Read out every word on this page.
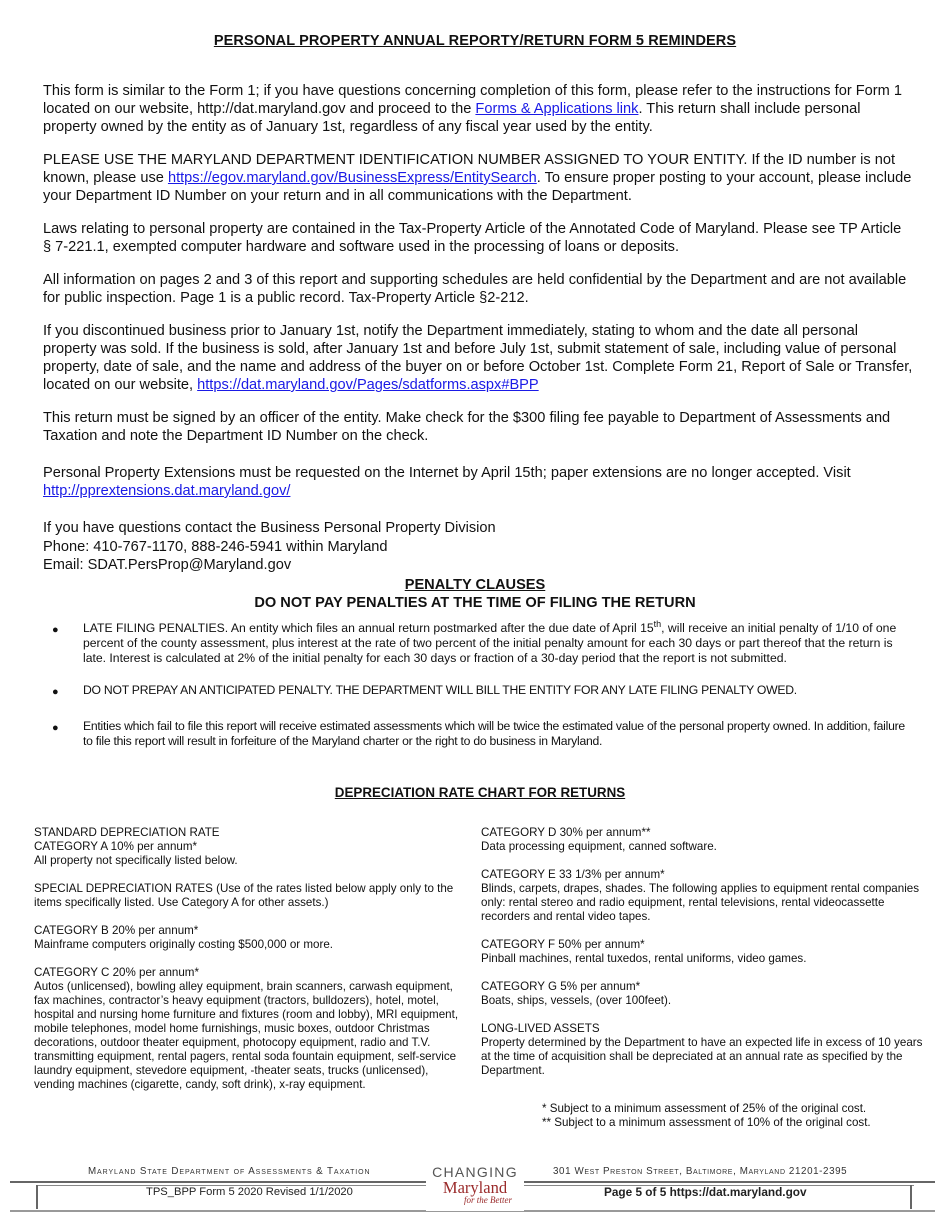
PERSONAL PROPERTY ANNUAL REPORTY/RETURN FORM 5 REMINDERS

This form is similar to the Form 1; if you have questions concerning completion of this form, please refer to the instructions for Form 1 located on our website, http://dat.maryland.gov and proceed to the Forms & Applications link. This return shall include personal property owned by the entity as of January 1st, regardless of any fiscal year used by the entity.

PLEASE USE THE MARYLAND DEPARTMENT IDENTIFICATION NUMBER ASSIGNED TO YOUR ENTITY. If the ID number is not known, please use https://egov.maryland.gov/BusinessExpress/EntitySearch. To ensure proper posting to your account, please include your Department ID Number on your return and in all communications with the Department.

Laws relating to personal property are contained in the Tax-Property Article of the Annotated Code of Maryland. Please see TP Article § 7-221.1, exempted computer hardware and software used in the processing of loans or deposits.

All information on pages 2 and 3 of this report and supporting schedules are held confidential by the Department and are not available for public inspection. Page 1 is a public record. Tax-Property Article §2-212.

If you discontinued business prior to January 1st, notify the Department immediately, stating to whom and the date all personal property was sold. If the business is sold, after January 1st and before July 1st, submit statement of sale, including value of personal property, date of sale, and the name and address of the buyer on or before October 1st. Complete Form 21, Report of Sale or Transfer, located on our website, https://dat.maryland.gov/Pages/sdatforms.aspx#BPP

This return must be signed by an officer of the entity. Make check for the $300 filing fee payable to Department of Assessments and Taxation and note the Department ID Number on the check.

Personal Property Extensions must be requested on the Internet by April 15th; paper extensions are no longer accepted. Visit http://pprextensions.dat.maryland.gov/

If you have questions contact the Business Personal Property Division
Phone: 410-767-1170, 888-246-5941 within Maryland
Email: SDAT.PersProp@Maryland.gov
PENALTY CLAUSES
DO NOT PAY PENALTIES AT THE TIME OF FILING THE RETURN
●	LATE FILING PENALTIES. An entity which files an annual return postmarked after the due date of April 15th, will receive an initial penalty of 1/10 of one percent of the county assessment, plus interest at the rate of two percent of the initial penalty amount for each 30 days or part thereof that the return is late. Interest is calculated at 2% of the initial penalty for each 30 days or fraction of a 30-day period that the report is not submitted.
●	DO NOT PREPAY AN ANTICIPATED PENALTY. THE DEPARTMENT WILL BILL THE ENTITY FOR ANY LATE FILING PENALTY OWED.
●	Entities which fail to file this report will receive estimated assessments which will be twice the estimated value of the personal property owned. In addition, failure to file this report will result in forfeiture of the Maryland charter or the right to do business in Maryland.
DEPRECIATION RATE CHART FOR RETURNS
STANDARD DEPRECIATION RATE
CATEGORY A 10% per annum*
All property not specifically listed below.
SPECIAL DEPRECIATION RATES (Use of the rates listed below apply only to the items specifically listed. Use Category A for other assets.)
CATEGORY B 20% per annum*
Mainframe computers originally costing $500,000 or more.
CATEGORY C 20% per annum*
Autos (unlicensed), bowling alley equipment, brain scanners, carwash equipment, fax machines, contractor’s heavy equipment (tractors, bulldozers), hotel, motel, hospital and nursing home furniture and fixtures (room and lobby), MRI equipment, mobile telephones, model home furnishings, music boxes, outdoor Christmas decorations, outdoor theater equipment, photocopy equipment, radio and T.V. transmitting equipment, rental pagers, rental soda fountain equipment, self-service laundry equipment, stevedore equipment, -theater seats, trucks (unlicensed), vending machines (cigarette, candy, soft drink), x-ray equipment.
CATEGORY D 30% per annum**
Data processing equipment, canned software.
CATEGORY E 33 1/3% per annum*
Blinds, carpets, drapes, shades. The following applies to equipment rental companies only: rental stereo and radio equipment, rental televisions, rental videocassette recorders and rental video tapes.
CATEGORY F 50% per annum*
Pinball machines, rental tuxedos, rental uniforms, video games.
CATEGORY G 5% per annum*
Boats, ships, vessels, (over 100feet).
LONG-LIVED ASSETS
Property determined by the Department to have an expected life in excess of 10 years at the time of acquisition shall be depreciated at an annual rate as specified by the Department.
* Subject to a minimum assessment of 25% of the original cost.
** Subject to a minimum assessment of 10% of the original cost.
Maryland State Department of Assessments & Taxation	301 West Preston Street, Baltimore, Maryland 21201-2395
TPS_BPP Form 5 2020 Revised 1/1/2020	Page 5 of 5 https://dat.maryland.gov
CHANGING
Maryland
for the Better
